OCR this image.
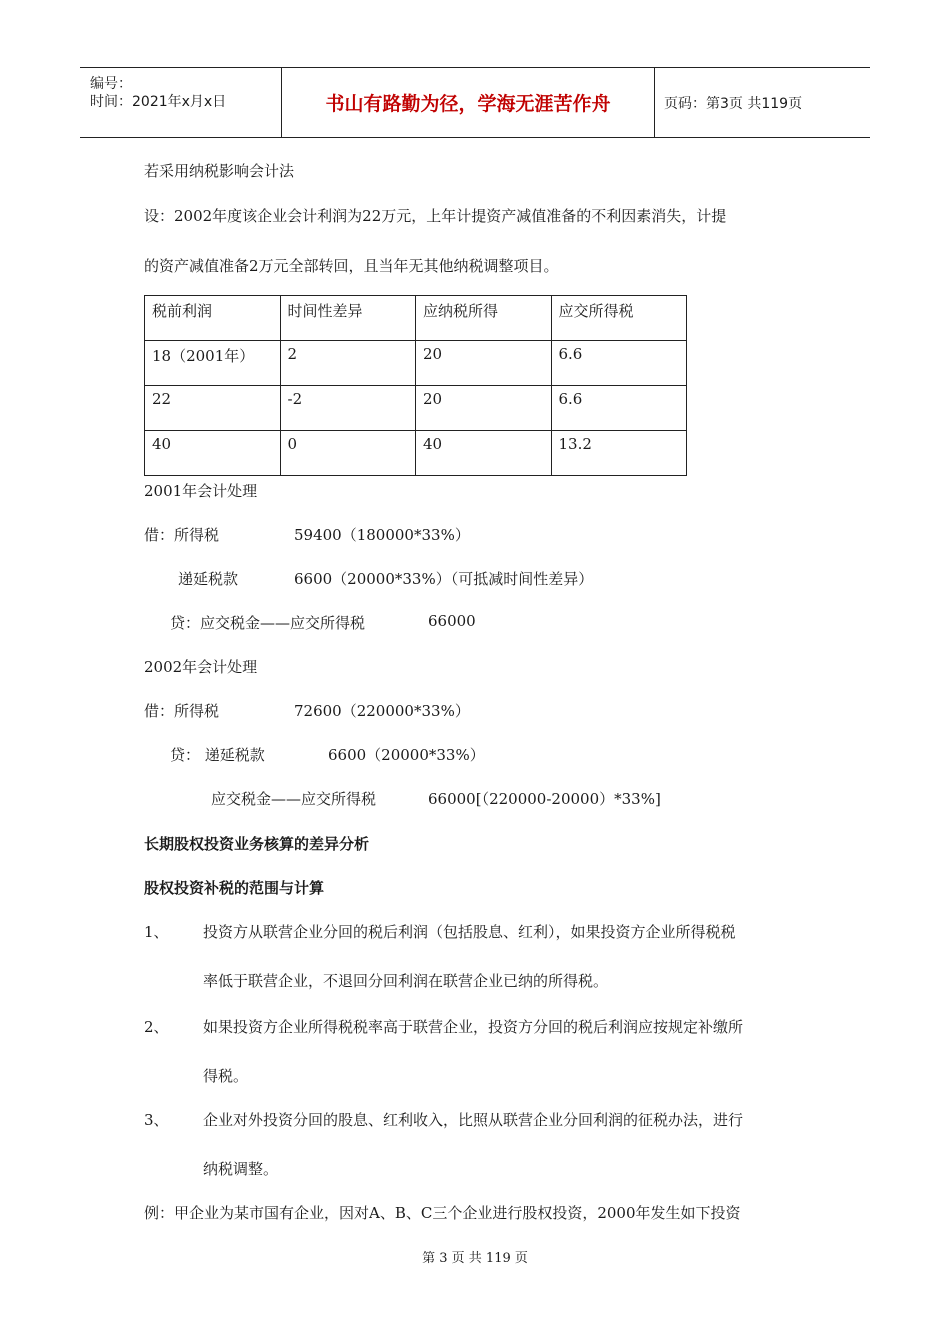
编号：
时间：2021年x月x日	书山有路勤为径，学海无涯苦作舟	页码：第3页 共119页
若采用纳税影响会计法
设：2002年度该企业会计利润为22万元，上年计提资产减值准备的不利因素消失，计提
的资产减值准备2万元全部转回，且当年无其他纳税调整项目。
税前利润	时间性差异	应纳税所得	应交所得税
18（2001年）	2	20	6.6
22	-2	20	6.6
40	0	40	13.2
2001年会计处理
借：所得税	59400（180000*33%）
递延税款	6600（20000*33%）（可抵减时间性差异）
贷：应交税金——应交所得税	66000
2002年会计处理
借：所得税	72600（220000*33%）
贷： 递延税款	6600（20000*33%）
应交税金——应交所得税	66000[（220000-20000）*33%]
长期股权投资业务核算的差异分析
股权投资补税的范围与计算
1、 投资方从联营企业分回的税后利润（包括股息、红利），如果投资方企业所得税税
率低于联营企业，不退回分回利润在联营企业已纳的所得税。
2、 如果投资方企业所得税税率高于联营企业，投资方分回的税后利润应按规定补缴所
得税。
3、 企业对外投资分回的股息、红利收入，比照从联营企业分回利润的征税办法，进行
纳税调整。
例：甲企业为某市国有企业，因对A、B、C三个企业进行股权投资，2000年发生如下投资
第 3 页 共 119 页
